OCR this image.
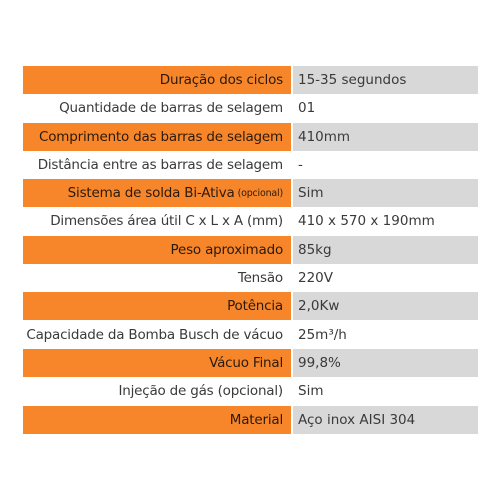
Duração dos ciclos	15-35 segundos
Quantidade de barras de selagem	01
Comprimento das barras de selagem	410mm
Distância entre as barras de selagem	-
Sistema de solda Bi-Ativa (opcional)	Sim
Dimensões área útil C x L x A (mm)	410 x 570 x 190mm
Peso aproximado	85kg
Tensão	220V
Potência	2,0Kw
Capacidade da Bomba Busch de vácuo	25m³/h
Vácuo Final	99,8%
Injeção de gás (opcional)	Sim
Material	Aço inox AISI 304
